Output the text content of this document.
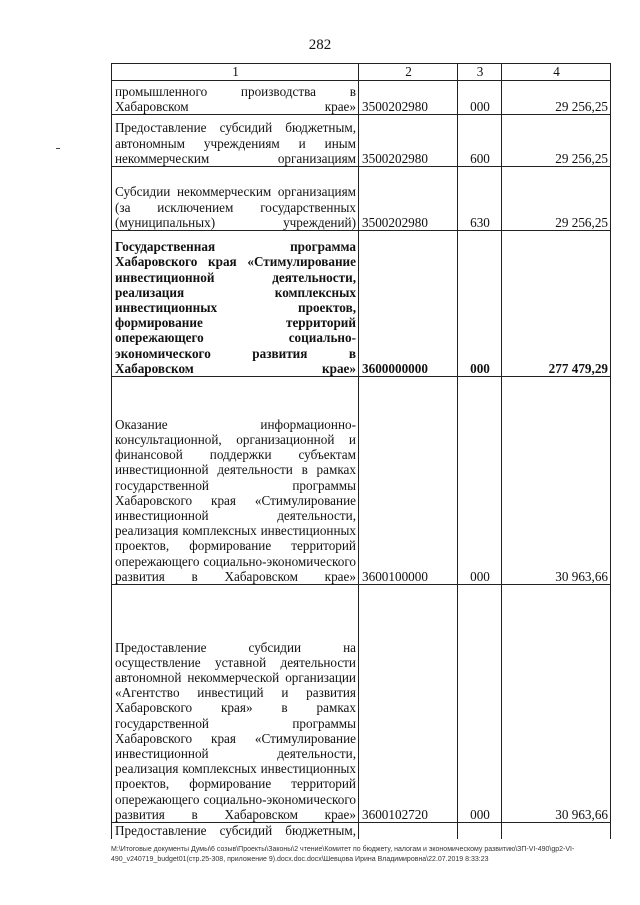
282
1	2	3	4
промышленного производства в Хабаровском крае»	3500202980	000	29 256,25
Предоставление субсидий бюджетным, автономным учреждениям и иным некоммерческим организациям	3500202980	600	29 256,25
Субсидии некоммерческим организациям (за исключением государственных (муниципальных) учреждений)	3500202980	630	29 256,25
Государственная программа Хабаровского края «Стимулирование инвестиционной деятельности, реализация комплексных инвестиционных проектов, формирование территорий опережающего социально-экономического развития в Хабаровском крае»	3600000000	000	277 479,29
Оказание информационно-консультационной, организационной и финансовой поддержки субъектам инвестиционной деятельности в рамках государственной программы Хабаровского края «Стимулирование инвестиционной деятельности, реализация комплексных инвестиционных проектов, формирование территорий опережающего социально-экономического развития в Хабаровском крае»	3600100000	000	30 963,66
Предоставление субсидии на осуществление уставной деятельности автономной некоммерческой организации «Агентство инвестиций и развития Хабаровского края» в рамках государственной программы Хабаровского края «Стимулирование инвестиционной деятельности, реализация комплексных инвестиционных проектов, формирование территорий опережающего социально-экономического развития в Хабаровском крае»	3600102720	000	30 963,66
Предоставление субсидий бюджетным,			
M:\Итоговые документы Думы\6 созыв\Проекты\Законы\2 чтение\Комитет по бюджету, налогам и экономическому развитию\ЗП-VI-490\gp2-VI-490_v240719_budget01(стр.25-308, приложение 9).docx.doc.docx\Шевцова Ирина Владимировна\22.07.2019 8:33:23
